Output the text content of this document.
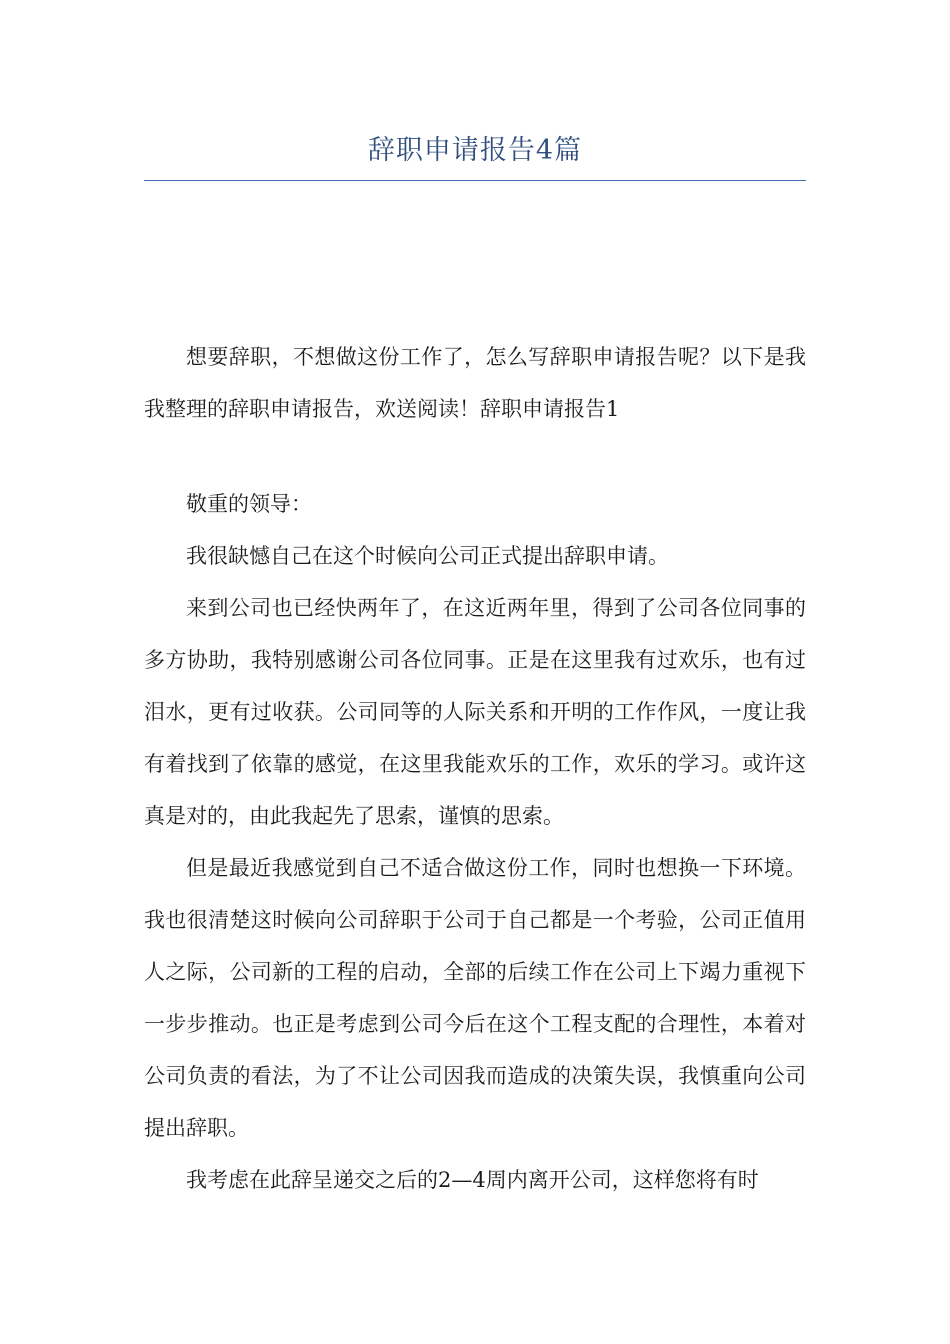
辞职申请报告4篇

想要辞职，不想做这份工作了，怎么写辞职申请报告呢？以下是我我整理的辞职申请报告，欢送阅读！辞职申请报告1

敬重的领导：

我很缺憾自己在这个时候向公司正式提出辞职申请。

来到公司也已经快两年了，在这近两年里，得到了公司各位同事的多方协助，我特别感谢公司各位同事。正是在这里我有过欢乐，也有过泪水，更有过收获。公司同等的人际关系和开明的工作作风，一度让我有着找到了依靠的感觉，在这里我能欢乐的工作，欢乐的学习。或许这真是对的，由此我起先了思索，谨慎的思索。

但是最近我感觉到自己不适合做这份工作，同时也想换一下环境。我也很清楚这时候向公司辞职于公司于自己都是一个考验，公司正值用人之际，公司新的工程的启动，全部的后续工作在公司上下竭力重视下一步步推动。也正是考虑到公司今后在这个工程支配的合理性，本着对公司负责的看法，为了不让公司因我而造成的决策失误，我慎重向公司提出辞职。

我考虑在此辞呈递交之后的2—4周内离开公司，这样您将有时
